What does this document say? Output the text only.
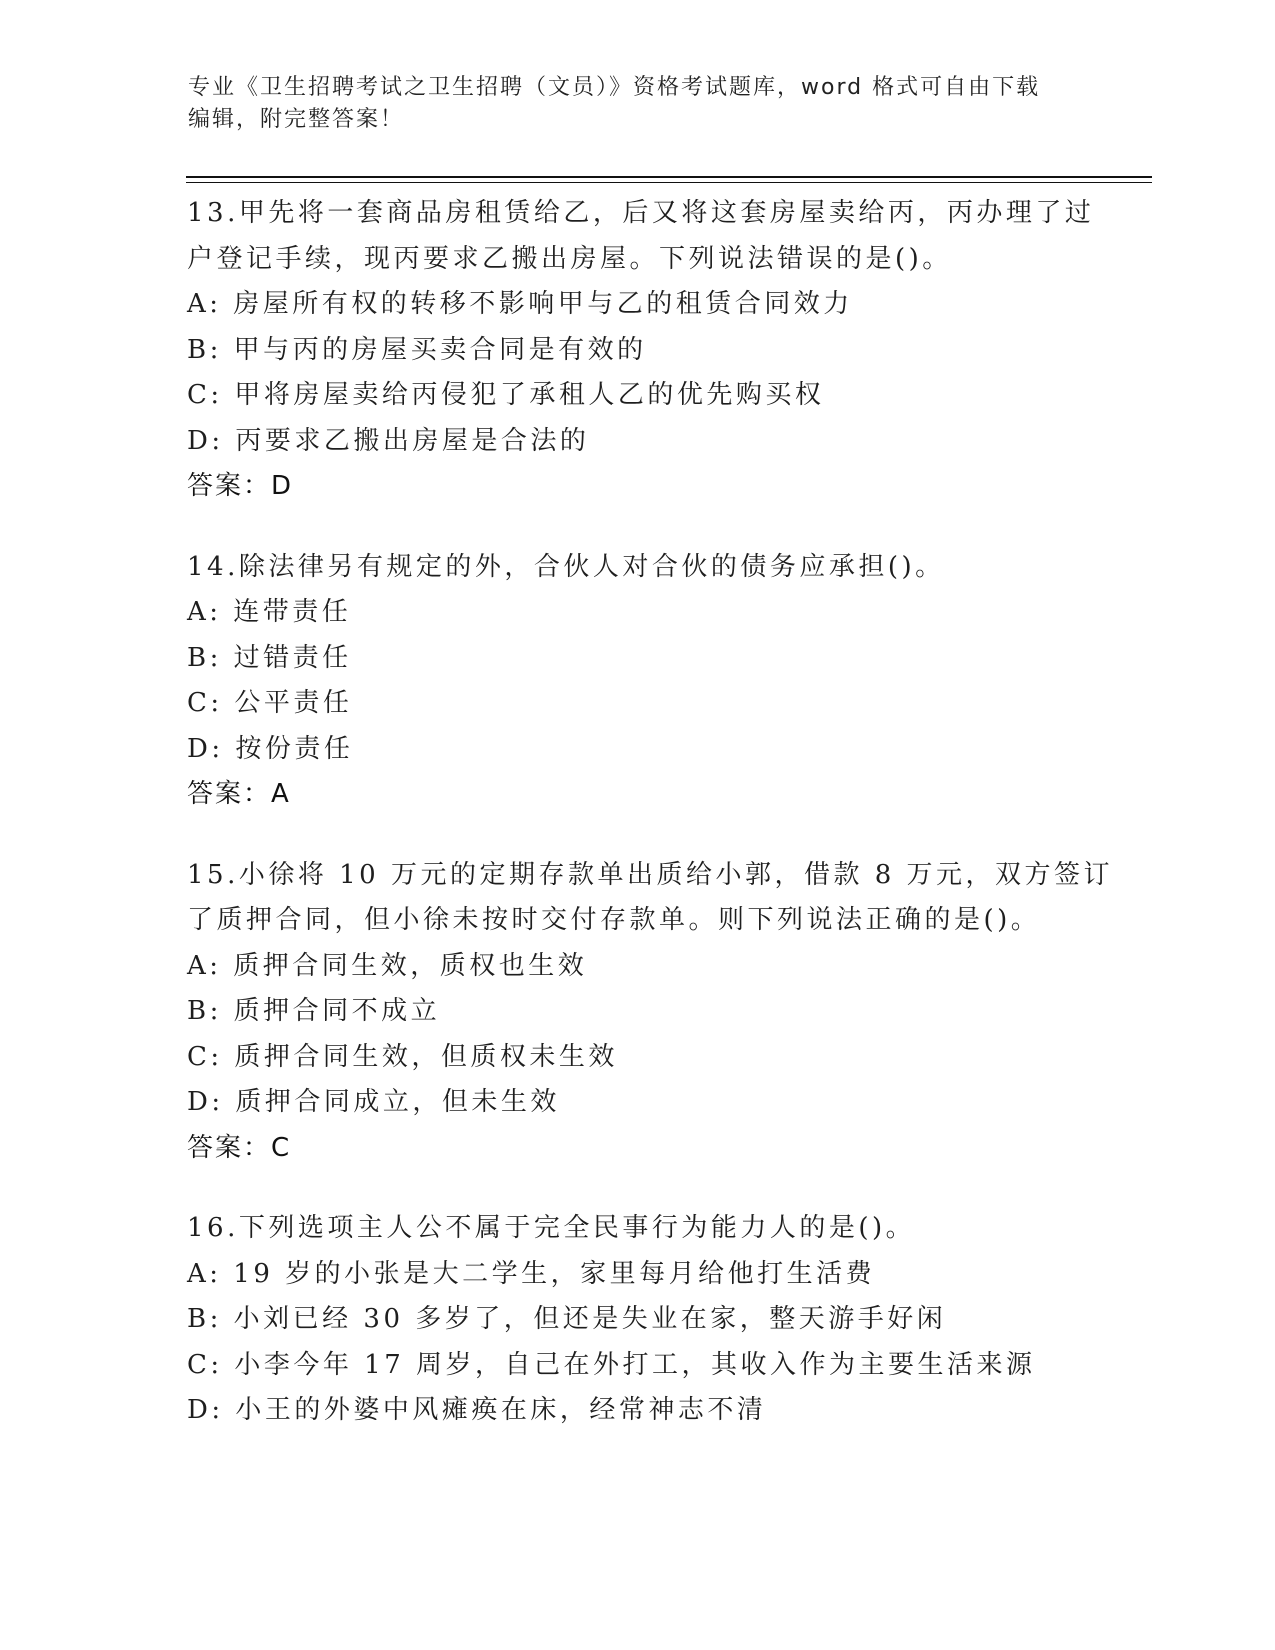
专业《卫生招聘考试之卫生招聘（文员）》资格考试题库，word 格式可自由下载
编辑，附完整答案！
13.甲先将一套商品房租赁给乙，后又将这套房屋卖给丙，丙办理了过
户登记手续，现丙要求乙搬出房屋。下列说法错误的是()。
A: 房屋所有权的转移不影响甲与乙的租赁合同效力
B: 甲与丙的房屋买卖合同是有效的
C: 甲将房屋卖给丙侵犯了承租人乙的优先购买权
D: 丙要求乙搬出房屋是合法的
答案：D
14.除法律另有规定的外，合伙人对合伙的债务应承担()。
A: 连带责任
B: 过错责任
C: 公平责任
D: 按份责任
答案：A
15.小徐将 10 万元的定期存款单出质给小郭，借款 8 万元，双方签订
了质押合同，但小徐未按时交付存款单。则下列说法正确的是()。
A: 质押合同生效，质权也生效
B: 质押合同不成立
C: 质押合同生效，但质权未生效
D: 质押合同成立，但未生效
答案：C
16.下列选项主人公不属于完全民事行为能力人的是()。
A: 19 岁的小张是大二学生，家里每月给他打生活费
B: 小刘已经 30 多岁了，但还是失业在家，整天游手好闲
C: 小李今年 17 周岁，自己在外打工，其收入作为主要生活来源
D: 小王的外婆中风瘫痪在床，经常神志不清
